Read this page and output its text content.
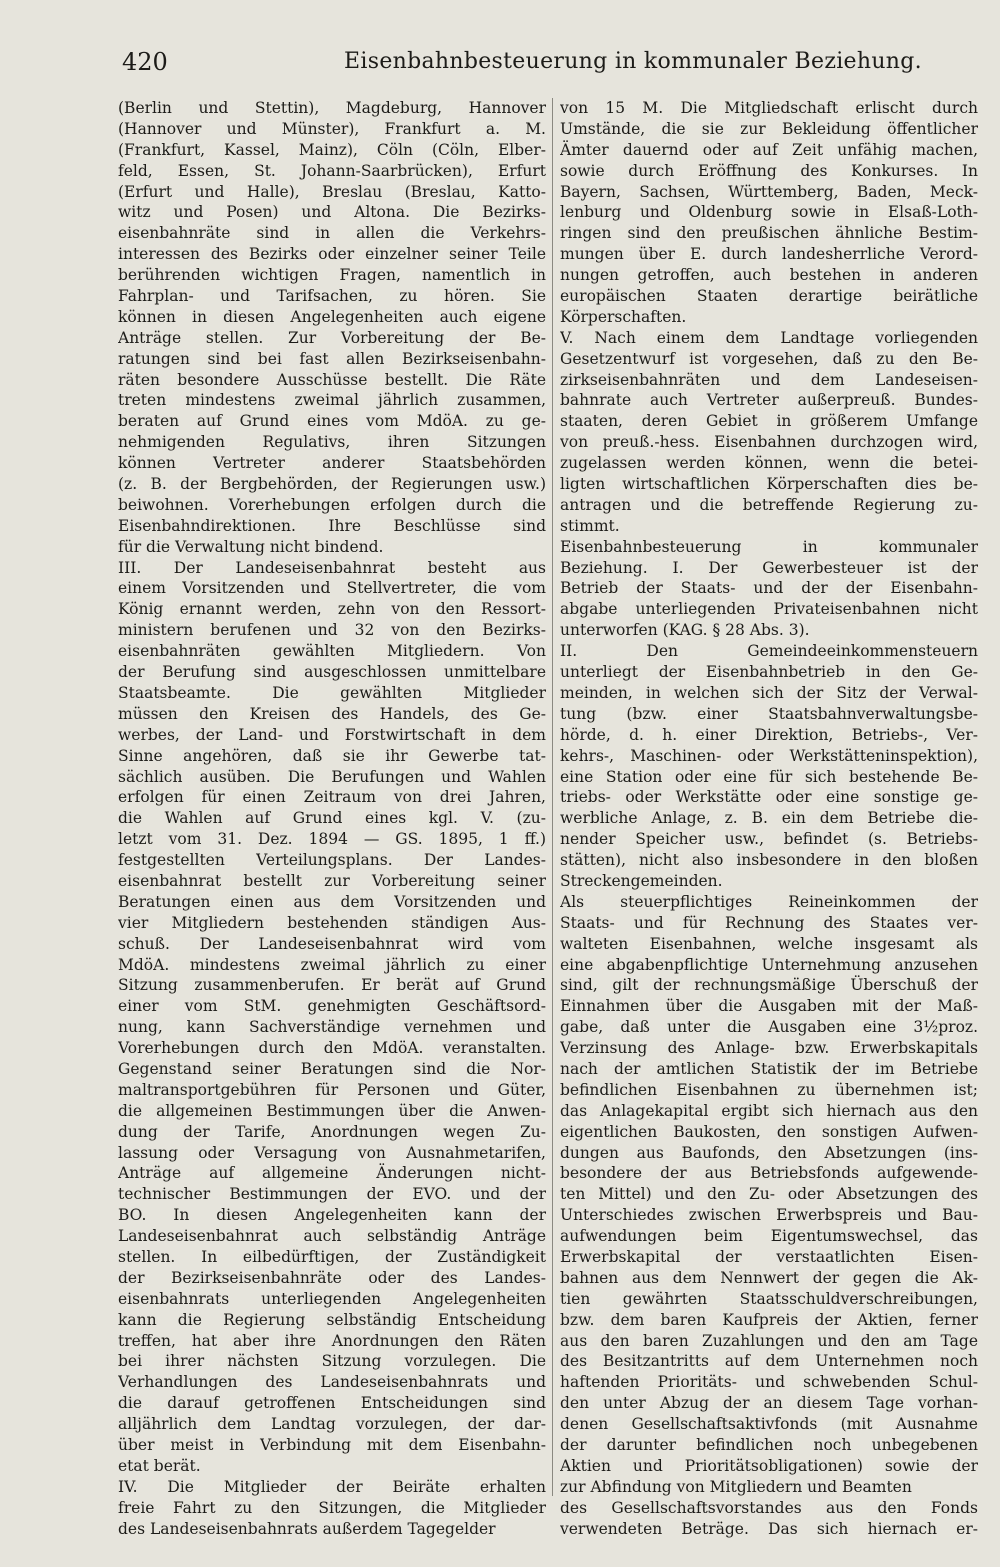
420	Eisenbahnbesteuerung in kommunaler Beziehung.
(Berlin und Stettin), Magdeburg, Hannover
(Hannover und Münster), Frankfurt a. M.
(Frankfurt, Kassel, Mainz), Cöln (Cöln, Elber-
feld, Essen, St. Johann-Saarbrücken), Erfurt
(Erfurt und Halle), Breslau (Breslau, Katto-
witz und Posen) und Altona. Die Bezirks-
eisenbahnräte sind in allen die Verkehrs-
interessen des Bezirks oder einzelner seiner Teile
berührenden wichtigen Fragen, namentlich in
Fahrplan- und Tarifsachen, zu hören. Sie
können in diesen Angelegenheiten auch eigene
Anträge stellen. Zur Vorbereitung der Be-
ratungen sind bei fast allen Bezirkseisenbahn-
räten besondere Ausschüsse bestellt. Die Räte
treten mindestens zweimal jährlich zusammen,
beraten auf Grund eines vom MdöA. zu ge-
nehmigenden Regulativs, ihren Sitzungen
können Vertreter anderer Staatsbehörden
(z. B. der Bergbehörden, der Regierungen usw.)
beiwohnen. Vorerhebungen erfolgen durch die
Eisenbahndirektionen. Ihre Beschlüsse sind
für die Verwaltung nicht bindend.
III. Der Landeseisenbahnrat besteht aus
einem Vorsitzenden und Stellvertreter, die vom
König ernannt werden, zehn von den Ressort-
ministern berufenen und 32 von den Bezirks-
eisenbahnräten gewählten Mitgliedern. Von
der Berufung sind ausgeschlossen unmittelbare
Staatsbeamte. Die gewählten Mitglieder
müssen den Kreisen des Handels, des Ge-
werbes, der Land- und Forstwirtschaft in dem
Sinne angehören, daß sie ihr Gewerbe tat-
sächlich ausüben. Die Berufungen und Wahlen
erfolgen für einen Zeitraum von drei Jahren,
die Wahlen auf Grund eines kgl. V. (zu-
letzt vom 31. Dez. 1894 — GS. 1895, 1 ff.)
festgestellten Verteilungsplans. Der Landes-
eisenbahnrat bestellt zur Vorbereitung seiner
Beratungen einen aus dem Vorsitzenden und
vier Mitgliedern bestehenden ständigen Aus-
schuß. Der Landeseisenbahnrat wird vom
MdöA. mindestens zweimal jährlich zu einer
Sitzung zusammenberufen. Er berät auf Grund
einer vom StM. genehmigten Geschäftsord-
nung, kann Sachverständige vernehmen und
Vorerhebungen durch den MdöA. veranstalten.
Gegenstand seiner Beratungen sind die Nor-
maltransportgebühren für Personen und Güter,
die allgemeinen Bestimmungen über die Anwen-
dung der Tarife, Anordnungen wegen Zu-
lassung oder Versagung von Ausnahmetarifen,
Anträge auf allgemeine Änderungen nicht-
technischer Bestimmungen der EVO. und der
BO. In diesen Angelegenheiten kann der
Landeseisenbahnrat auch selbständig Anträge
stellen. In eilbedürftigen, der Zuständigkeit
der Bezirkseisenbahnräte oder des Landes-
eisenbahnrats unterliegenden Angelegenheiten
kann die Regierung selbständig Entscheidung
treffen, hat aber ihre Anordnungen den Räten
bei ihrer nächsten Sitzung vorzulegen. Die
Verhandlungen des Landeseisenbahnrats und
die darauf getroffenen Entscheidungen sind
alljährlich dem Landtag vorzulegen, der dar-
über meist in Verbindung mit dem Eisenbahn-
etat berät.
IV. Die Mitglieder der Beiräte erhalten
freie Fahrt zu den Sitzungen, die Mitglieder
des Landeseisenbahnrats außerdem Tagegelder
von 15 M. Die Mitgliedschaft erlischt durch
Umstände, die sie zur Bekleidung öffentlicher
Ämter dauernd oder auf Zeit unfähig machen,
sowie durch Eröffnung des Konkurses. In
Bayern, Sachsen, Württemberg, Baden, Meck-
lenburg und Oldenburg sowie in Elsaß-Loth-
ringen sind den preußischen ähnliche Bestim-
mungen über E. durch landesherrliche Verord-
nungen getroffen, auch bestehen in anderen
europäischen Staaten derartige beirätliche
Körperschaften.
V. Nach einem dem Landtage vorliegenden
Gesetzentwurf ist vorgesehen, daß zu den Be-
zirkseisenbahnräten und dem Landeseisen-
bahnrate auch Vertreter außerpreuß. Bundes-
staaten, deren Gebiet in größerem Umfange
von preuß.-hess. Eisenbahnen durchzogen wird,
zugelassen werden können, wenn die betei-
ligten wirtschaftlichen Körperschaften dies be-
antragen und die betreffende Regierung zu-
stimmt.
Eisenbahnbesteuerung in kommunaler
Beziehung. I. Der Gewerbesteuer ist der
Betrieb der Staats- und der der Eisenbahn-
abgabe unterliegenden Privateisenbahnen nicht
unterworfen (KAG. § 28 Abs. 3).
II. Den Gemeindeeinkommensteuern
unterliegt der Eisenbahnbetrieb in den Ge-
meinden, in welchen sich der Sitz der Verwal-
tung (bzw. einer Staatsbahnverwaltungsbe-
hörde, d. h. einer Direktion, Betriebs-, Ver-
kehrs-, Maschinen- oder Werkstätteninspektion),
eine Station oder eine für sich bestehende Be-
triebs- oder Werkstätte oder eine sonstige ge-
werbliche Anlage, z. B. ein dem Betriebe die-
nender Speicher usw., befindet (s. Betriebs-
stätten), nicht also insbesondere in den bloßen
Streckengemeinden.
Als steuerpflichtiges Reineinkommen der
Staats- und für Rechnung des Staates ver-
walteten Eisenbahnen, welche insgesamt als
eine abgabenpflichtige Unternehmung anzusehen
sind, gilt der rechnungsmäßige Überschuß der
Einnahmen über die Ausgaben mit der Maß-
gabe, daß unter die Ausgaben eine 3½proz.
Verzinsung des Anlage- bzw. Erwerbskapitals
nach der amtlichen Statistik der im Betriebe
befindlichen Eisenbahnen zu übernehmen ist;
das Anlagekapital ergibt sich hiernach aus den
eigentlichen Baukosten, den sonstigen Aufwen-
dungen aus Baufonds, den Absetzungen (ins-
besondere der aus Betriebsfonds aufgewende-
ten Mittel) und den Zu- oder Absetzungen des
Unterschiedes zwischen Erwerbspreis und Bau-
aufwendungen beim Eigentumswechsel, das
Erwerbskapital der verstaatlichten Eisen-
bahnen aus dem Nennwert der gegen die Ak-
tien gewährten Staatsschuldverschreibungen,
bzw. dem baren Kaufpreis der Aktien, ferner
aus den baren Zuzahlungen und den am Tage
des Besitzantritts auf dem Unternehmen noch
haftenden Prioritäts- und schwebenden Schul-
den unter Abzug der an diesem Tage vorhan-
denen Gesellschaftsaktivfonds (mit Ausnahme
der darunter befindlichen noch unbegebenen
Aktien und Prioritätsobligationen) sowie der
zur Abfindung von Mitgliedern und Beamten
des Gesellschaftsvorstandes aus den Fonds
verwendeten Beträge. Das sich hiernach er-
